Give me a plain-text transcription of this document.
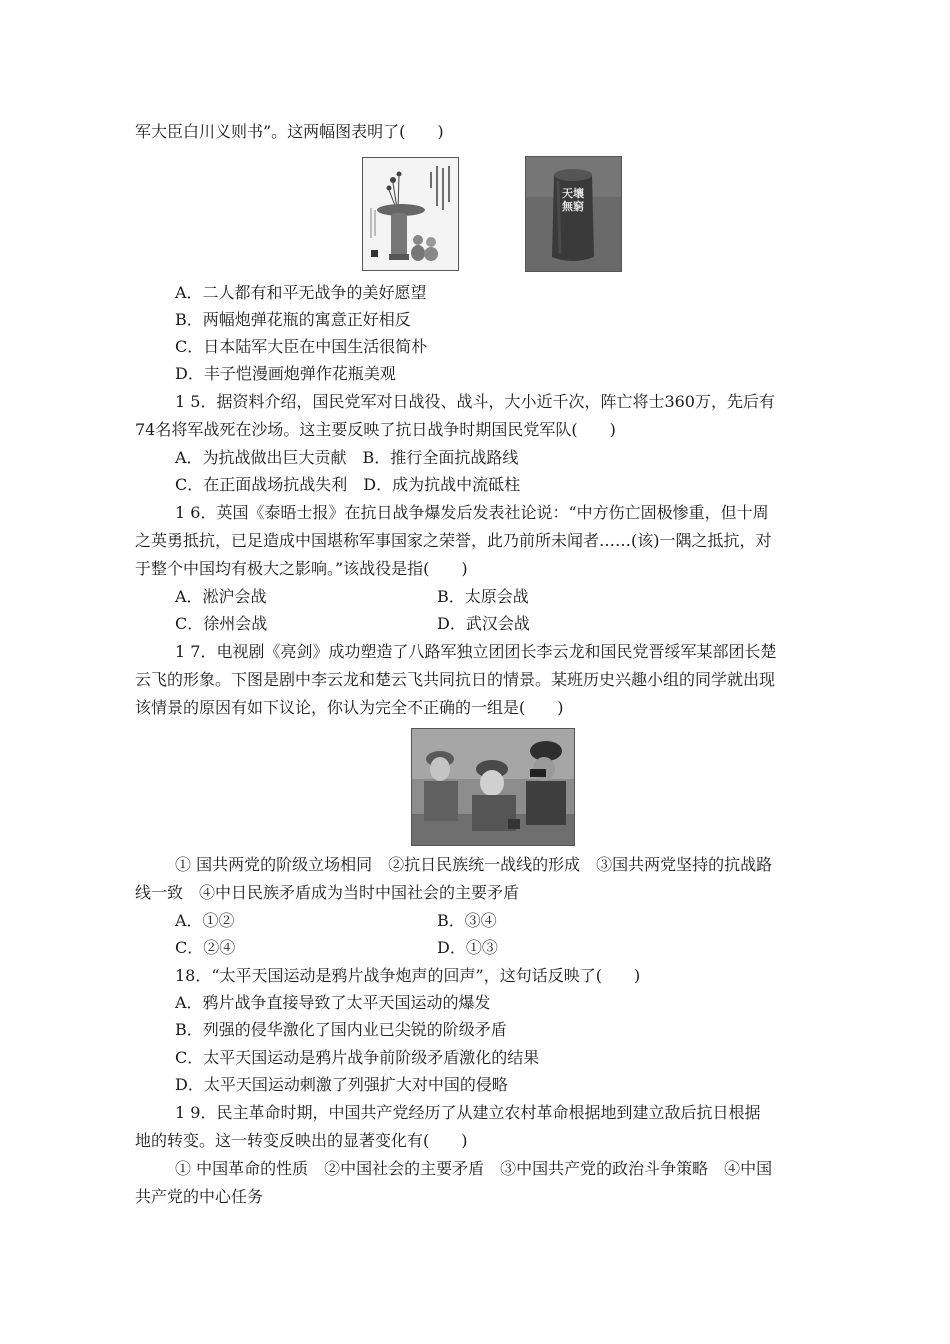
军大臣白川义则书”。这两幅图表明了(　　)
天壤無窮
A．二人都有和平无战争的美好愿望
B．两幅炮弹花瓶的寓意正好相反
C．日本陆军大臣在中国生活很简朴
D．丰子恺漫画炮弹作花瓶美观
1 5．据资料介绍，国民党军对日战役、战斗，大小近千次，阵亡将士360万，先后有
74名将军战死在沙场。这主要反映了抗日战争时期国民党军队(　　)
A．为抗战做出巨大贡献　B．推行全面抗战路线
C．在正面战场抗战失利　D．成为抗战中流砥柱
1 6．英国《泰晤士报》在抗日战争爆发后发表社论说：“中方伤亡固极惨重，但十周
之英勇抵抗，已足造成中国堪称军事国家之荣誉，此乃前所未闻者……(该)一隅之抵抗，对
于整个中国均有极大之影响。”该战役是指(　　)
A．淞沪会战	B．太原会战
C．徐州会战	D．武汉会战
1 7．电视剧《亮剑》成功塑造了八路军独立团团长李云龙和国民党晋绥军某部团长楚
云飞的形象。下图是剧中李云龙和楚云飞共同抗日的情景。某班历史兴趣小组的同学就出现
该情景的原因有如下议论，你认为完全不正确的一组是(　　)
① 国共两党的阶级立场相同　②抗日民族统一战线的形成　③国共两党坚持的抗战路
线一致　④中日民族矛盾成为当时中国社会的主要矛盾
A．①②	B．③④
C．②④	D．①③
18．“太平天国运动是鸦片战争炮声的回声”，这句话反映了(　　)
A．鸦片战争直接导致了太平天国运动的爆发
B．列强的侵华激化了国内业已尖锐的阶级矛盾
C．太平天国运动是鸦片战争前阶级矛盾激化的结果
D．太平天国运动刺激了列强扩大对中国的侵略
1 9．民主革命时期，中国共产党经历了从建立农村革命根据地到建立敌后抗日根据
地的转变。这一转变反映出的显著变化有(　　)
① 中国革命的性质　②中国社会的主要矛盾　③中国共产党的政治斗争策略　④中国
共产党的中心任务
